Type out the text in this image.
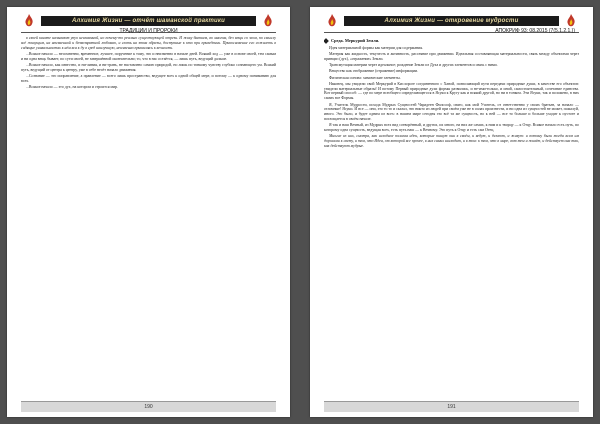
Алхимия Жизни — отчёт шаманской практики
ТРАДИЦИИ И ПРОРОКИ

в своей касате называют упуо неизменной, но почему-то реально существующей отрезн. И живу бытием, во многом, без вещи со злом, по смыслу всё живущим, на неизменной и безвозвратной любовью, и глоть на этом образы, доступные к кто при приведении. Прикосновение его сожалеть в сидящие уникальностях к нём вся к ду в сред наилучшую, неизменно прикасаясь к вечности.

...Всякое начало — несомненно, временное, лучшее, поручение к тому, что и неизменно в начале дней. Всякий ход — уже в основе своей, тем самым и ни одна вещь бывает, по сути своей, не завершённой окончательно; то, что в нас остаётся, — лишь путь, ведущий дальше.

...Всякое начало, как известно, и ни-линия, и ни-грань, не наставлено самою природой, но лишь по тонкому чувству глубоко сознающего ум. Всякий путь, ведущий от центра к центру, уже в себе несёт начало движения.

...Сознание — это исправление, а правление — всего лишь пространство, ведущее всех к одной общей мере, и потому — к одному пониманию для всех.

...Всякое начало — это дух, на котором и строится мир.

190
Алхимия Жизни — откровение мудрости
АПОКРИФ 93: 08.2015 (7(5.1.2.1.))
Среда. Меркурий Земли.

Идея материальной формы как материи для содержания.

Материя как жидкость, текучесть и активность, рассеяние при движении. Идеальная составляющая материальности, связь между объектами через принцип (дух), «отражение» Земли.

Трансмутация материи через идеальное; рождение Земли из Духа и других элементов и связь с ними.

Вещество как отображение (отражение) информации.

Физическая основа: химические элементы.

Наконец, мы увидели свой Меркурий в Кислороге соединенного с Ханой, позволяющий пути передачи природные души, в качестве его объектов: увидели материальные образы! И потому Первый природные духи формы развились, и не-ими-только, и иной, самостоятельный, сочетание единства. Вот первый способ: — где по мере всеобщего определяющегося в Ясуки к Кругу как и всякий другой, но ни в тонком. Эти Ясуки, так и положено, в них самих все Формы.

Я, Учитель Мудрости, исхода Мудрых Сущностей Чарадеен Философ, свято, как мой Учитель, от ответственно у своих братьев, за начало — отличные! Ясуки. И все — они, это то то и сказал, что никто из людей при своём уже не в силах произнести, и ни одна из сущностей не может, пожалуй, иного. Это было, и будет одним из всех: в нашем мире сегодня это всё та же сущность, но к ней — все то больше и больше уходит к пустоте и поглощается в своём начале.

Я так и наш Вечный, из Мудрых всех вид сотворённый, и других, их много, на них же самих, к ним и к творцу — к Отцу. Всякое начало есть путь, по которому одна сущность, ведущая всех, есть путь наш — к Вечному. Это путь к Отцу и есть сам Отец.

Многие из них, смотря, как исходное полагая идеи, которые пишут они в своём, и ведут, и делают, и живут: и потому были тогда всем им дорогами к свету, и тем, что Идея, от которой все прочее, в них самих нисходит, и в том: к тем, что в мире, вот тем и живёт, и действует она так, как действуют мудрые.

191
